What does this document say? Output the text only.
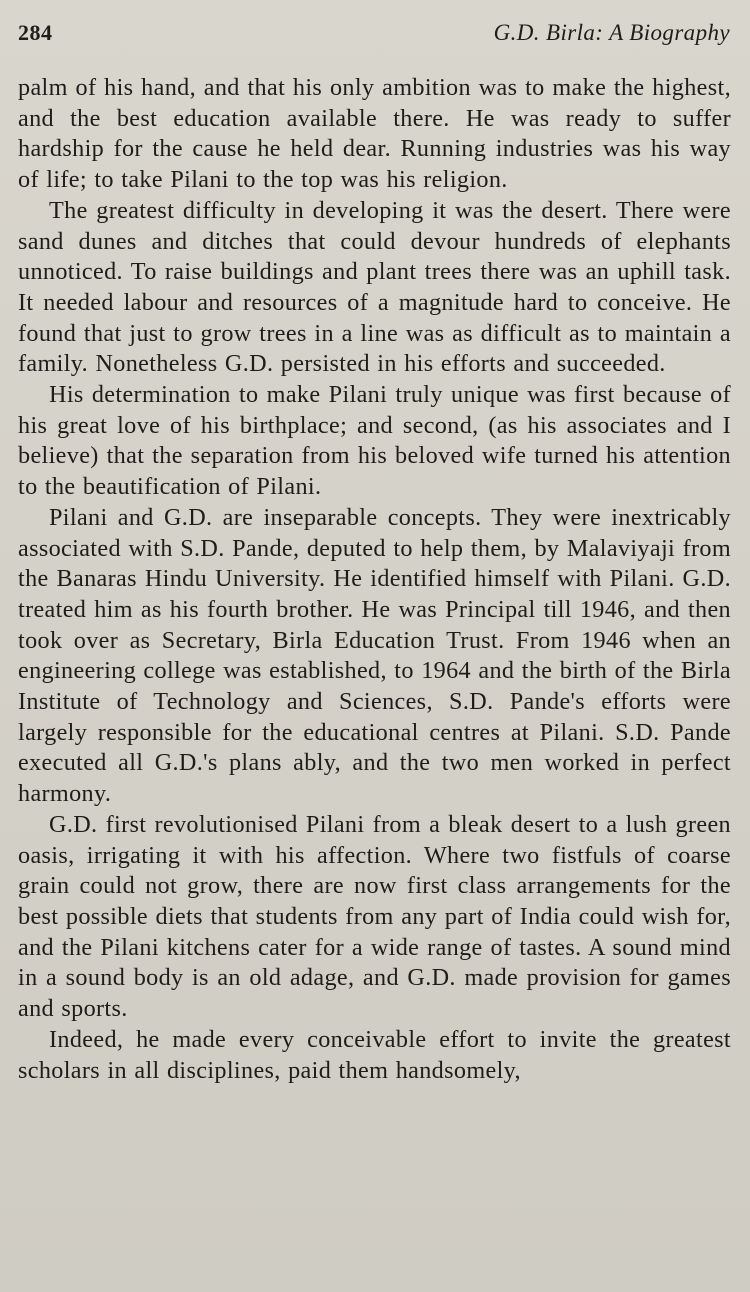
284	G.D. Birla: A Biography

palm of his hand, and that his only ambition was to make the highest, and the best education available there. He was ready to suffer hardship for the cause he held dear. Running industries was his way of life; to take Pilani to the top was his religion.

The greatest difficulty in developing it was the desert. There were sand dunes and ditches that could devour hundreds of elephants unnoticed. To raise buildings and plant trees there was an uphill task. It needed labour and resources of a magnitude hard to conceive. He found that just to grow trees in a line was as difficult as to maintain a family. Nonetheless G.D. persisted in his efforts and succeeded.

His determination to make Pilani truly unique was first because of his great love of his birthplace; and second, (as his associates and I believe) that the separation from his beloved wife turned his attention to the beautification of Pilani.

Pilani and G.D. are inseparable concepts. They were inextricably associated with S.D. Pande, deputed to help them, by Malaviyaji from the Banaras Hindu University. He identified himself with Pilani. G.D. treated him as his fourth brother. He was Principal till 1946, and then took over as Secretary, Birla Education Trust. From 1946 when an engineering college was established, to 1964 and the birth of the Birla Institute of Technology and Sciences, S.D. Pande's efforts were largely responsible for the educational centres at Pilani. S.D. Pande executed all G.D.'s plans ably, and the two men worked in perfect harmony.

G.D. first revolutionised Pilani from a bleak desert to a lush green oasis, irrigating it with his affection. Where two fistfuls of coarse grain could not grow, there are now first class arrangements for the best possible diets that students from any part of India could wish for, and the Pilani kitchens cater for a wide range of tastes. A sound mind in a sound body is an old adage, and G.D. made provision for games and sports.

Indeed, he made every conceivable effort to invite the greatest scholars in all disciplines, paid them handsomely,
